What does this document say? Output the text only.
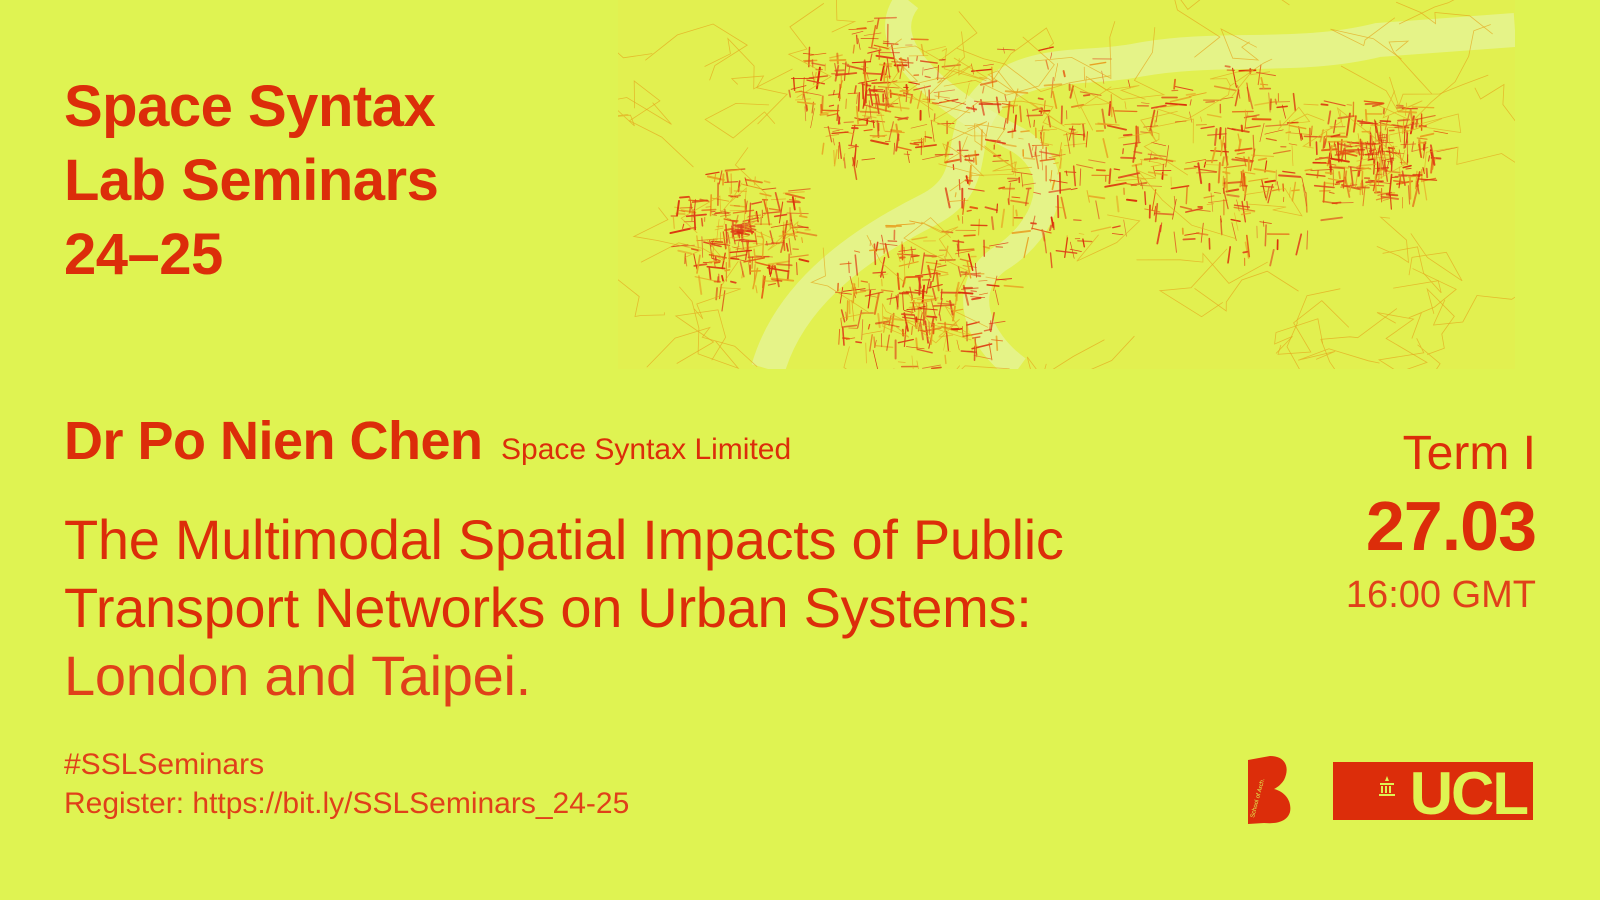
Space Syntax
Lab Seminars
24–25
Dr Po Nien Chen Space Syntax Limited
The Multimodal Spatial Impacts of Public
Transport Networks on Urban Systems:
London and Taipei.
Term I
27.03
16:00 GMT
#SSLSeminars
Register: https://bit.ly/SSLSeminars_24-25	School of Arch. UCL
